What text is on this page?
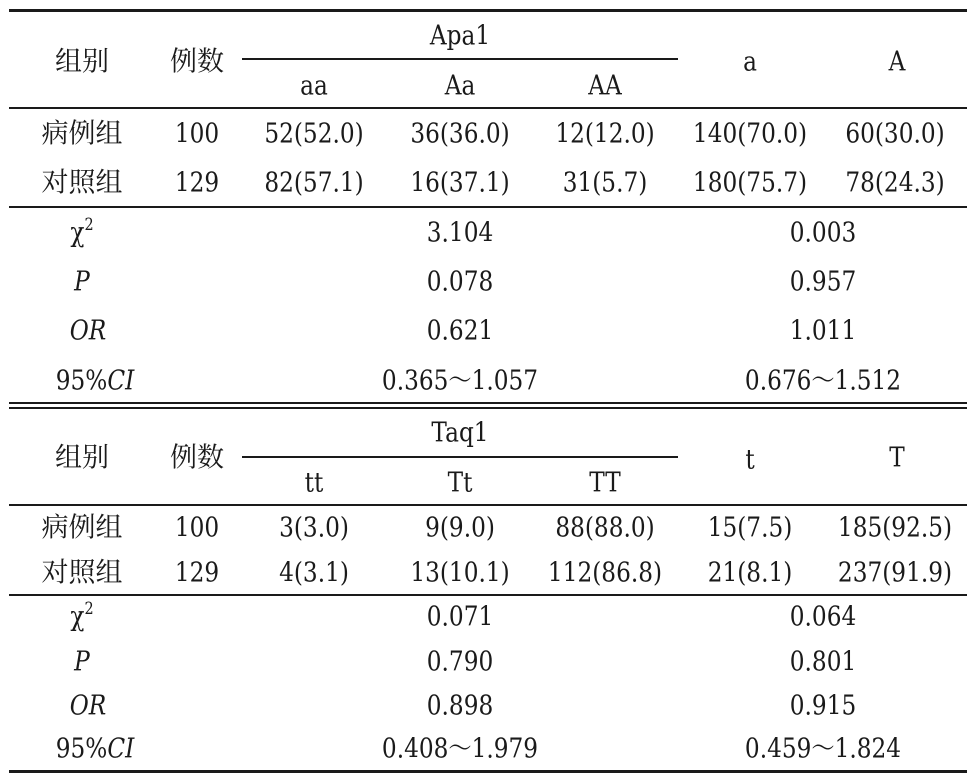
组别 例数
Apa1
aa	Aa	AA
a	A
病例组 100 52(52.0) 36(36.0) 12(12.0) 140(70.0) 60(30.0)
对照组 129 82(57.1) 16(37.1) 31(5.7) 180(75.7) 78(24.3)
$\chi^2$	3.104	0.003
P	0.078	0.957
OR	0.621	1.011
95%CI	0.365～1.057	0.676～1.512
组别 例数
Taq1
tt	Tt	TT
t	T
病例组 100 3(3.0)	9(9.0) 88(88.0) 15(7.5) 185(92.5)
对照组 129 4(3.1) 13(10.1) 112(86.8) 21(8.1) 237(91.9)
$\chi^2$	0.071	0.064
P	0.790	0.801
OR	0.898	0.915
95%CI	0.408～1.979	0.459～1.824
